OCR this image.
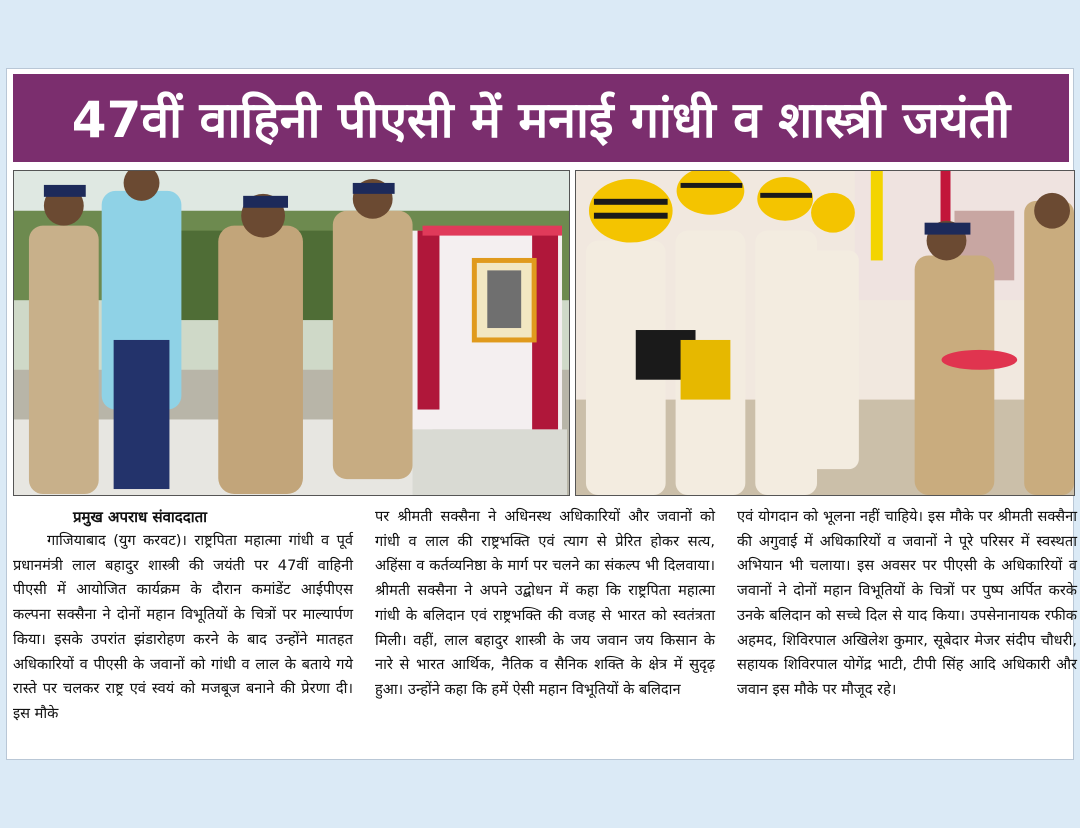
47वीं वाहिनी पीएसी में मनाई गांधी व शास्त्री जयंती

प्रमुख अपराध संवाददाता

गाजियाबाद (युग करवट)। राष्ट्रपिता महात्मा गांधी व पूर्व प्रधानमंत्री लाल बहादुर शास्त्री की जयंती पर 47वीं वाहिनी पीएसी में आयोजित कार्यक्रम के दौरान कमांडेंट आईपीएस कल्पना सक्सैना ने दोनों महान विभूतियों के चित्रों पर माल्यार्पण किया। इसके उपरांत झंडारोहण करने के बाद उन्होंने मातहत अधिकारियों व पीएसी के जवानों को गांधी व लाल के बताये गये रास्ते पर चलकर राष्ट्र एवं स्वयं को मजबूज बनाने की प्रेरणा दी। इस मौके

पर श्रीमती सक्सैना ने अधिनस्थ अधिकारियों और जवानों को गांधी व लाल की राष्ट्रभक्ति एवं त्याग से प्रेरित होकर सत्य, अहिंसा व कर्तव्यनिष्ठा के मार्ग पर चलने का संकल्प भी दिलवाया। श्रीमती सक्सैना ने अपने उद्बोधन में कहा कि राष्ट्रपिता महात्मा गांधी के बलिदान एवं राष्ट्रभक्ति की वजह से भारत को स्वतंत्रता मिली। वहीं, लाल बहादुर शास्त्री के जय जवान जय किसान के नारे से भारत आर्थिक, नैतिक व सैनिक शक्ति के क्षेत्र में सुदृढ़ हुआ। उन्होंने कहा कि हमें ऐसी महान विभूतियों के बलिदान

एवं योगदान को भूलना नहीं चाहिये। इस मौके पर श्रीमती सक्सैना की अगुवाई में अधिकारियों व जवानों ने पूरे परिसर में स्वस्थता अभियान भी चलाया। इस अवसर पर पीएसी के अधिकारियों व जवानों ने दोनों महान विभूतियों के चित्रों पर पुष्प अर्पित करके उनके बलिदान को सच्चे दिल से याद किया। उपसेनानायक रफीक अहमद, शिविरपाल अखिलेश कुमार, सूबेदार मेजर संदीप चौधरी, सहायक शिविरपाल योगेंद्र भाटी, टीपी सिंह आदि अधिकारी और जवान इस मौके पर मौजूद रहे।
